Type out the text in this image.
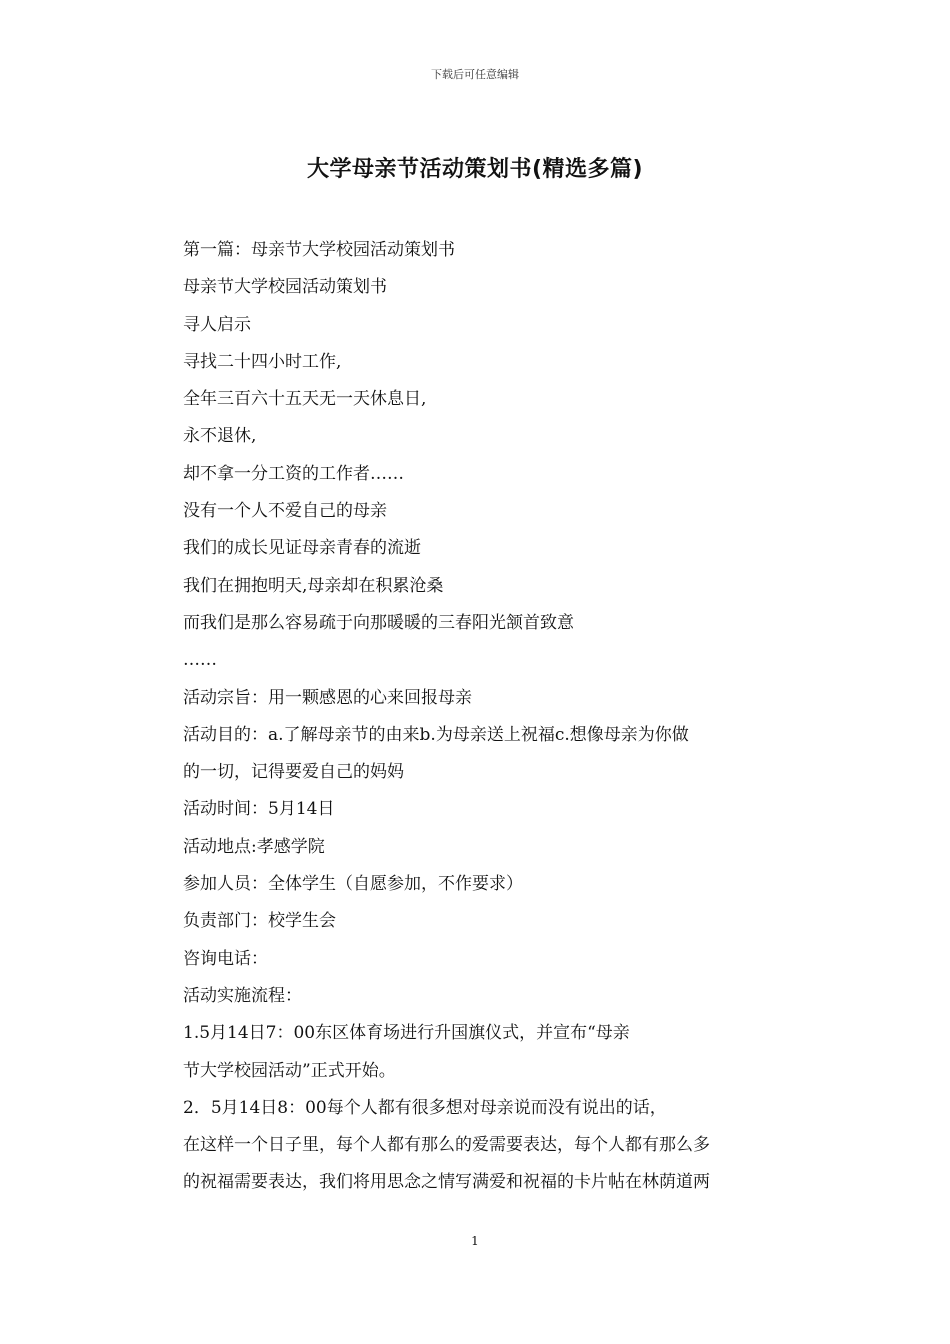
下载后可任意编辑
大学母亲节活动策划书(精选多篇)
第一篇：母亲节大学校园活动策划书
母亲节大学校园活动策划书
寻人启示
寻找二十四小时工作,
全年三百六十五天无一天休息日,
永不退休,
却不拿一分工资的工作者……
没有一个人不爱自己的母亲
我们的成长见证母亲青春的流逝
我们在拥抱明天,母亲却在积累沧桑
而我们是那么容易疏于向那暖暖的三春阳光颔首致意
……
活动宗旨：用一颗感恩的心来回报母亲
活动目的：a.了解母亲节的由来b.为母亲送上祝福c.想像母亲为你做
的一切，记得要爱自己的妈妈
活动时间：5月14日
活动地点:孝感学院
参加人员：全体学生（自愿参加，不作要求）
负责部门：校学生会
咨询电话：
活动实施流程：
1.5月14日7：00东区体育场进行升国旗仪式，并宣布“母亲
节大学校园活动”正式开始。
2．5月14日8：00每个人都有很多想对母亲说而没有说出的话，
在这样一个日子里，每个人都有那么的爱需要表达，每个人都有那么多
的祝福需要表达，我们将用思念之情写满爱和祝福的卡片帖在林荫道两
1
